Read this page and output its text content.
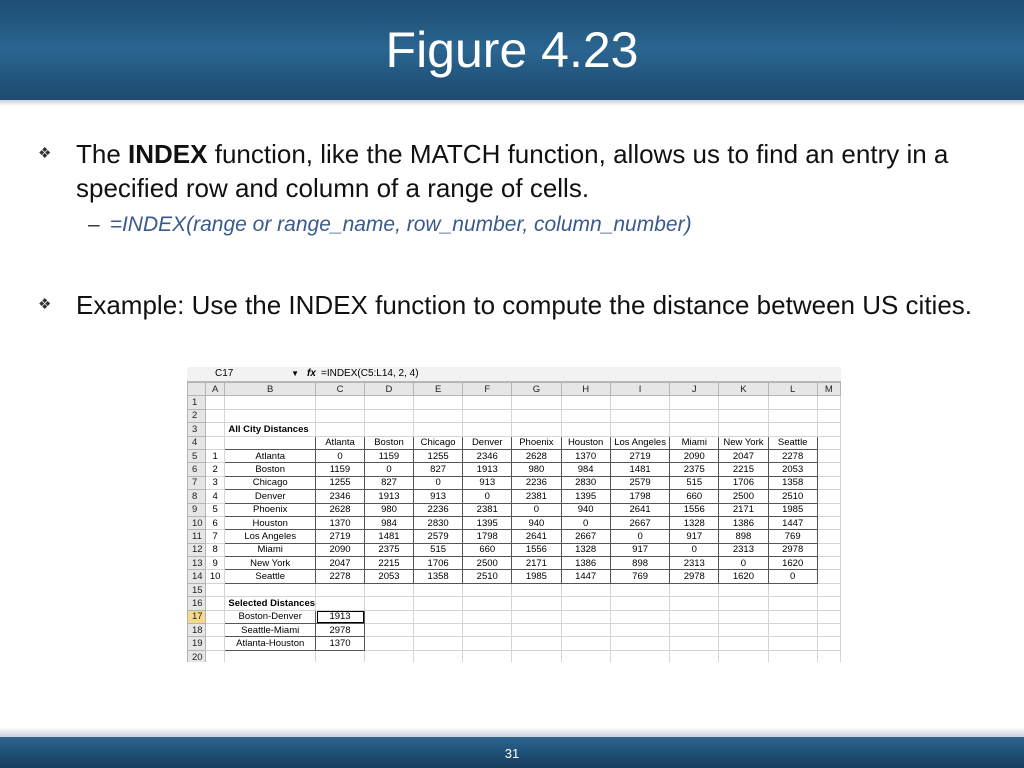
Figure 4.23
❖ The INDEX function, like the MATCH function, allows us to find an entry in a specified row and column of a range of cells.
– =INDEX(range or range_name, row_number, column_number)
❖ Example: Use the INDEX function to compute the distance between US cities.
C17	▼ fx =INDEX(C5:L14, 2, 4)
	A	B	C	D	E	F	G	H	I	J	K	L	M
1													
2													
3		All City Distances											
4			Atlanta	Boston	Chicago	Denver	Phoenix	Houston	Los Angeles	Miami	New York	Seattle	
5	1	Atlanta	0	1159	1255	2346	2628	1370	2719	2090	2047	2278	
6	2	Boston	1159	0	827	1913	980	984	1481	2375	2215	2053	
7	3	Chicago	1255	827	0	913	2236	2830	2579	515	1706	1358	
8	4	Denver	2346	1913	913	0	2381	1395	1798	660	2500	2510	
9	5	Phoenix	2628	980	2236	2381	0	940	2641	1556	2171	1985	
10	6	Houston	1370	984	2830	1395	940	0	2667	1328	1386	1447	
11	7	Los Angeles	2719	1481	2579	1798	2641	2667	0	917	898	769	
12	8	Miami	2090	2375	515	660	1556	1328	917	0	2313	2978	
13	9	New York	2047	2215	1706	2500	2171	1386	898	2313	0	1620	
14	10	Seattle	2278	2053	1358	2510	1985	1447	769	2978	1620	0	
15													
16		Selected Distances											
17		Boston-Denver	1913										
18		Seattle-Miami	2978										
19		Atlanta-Houston	1370										
20													
31
